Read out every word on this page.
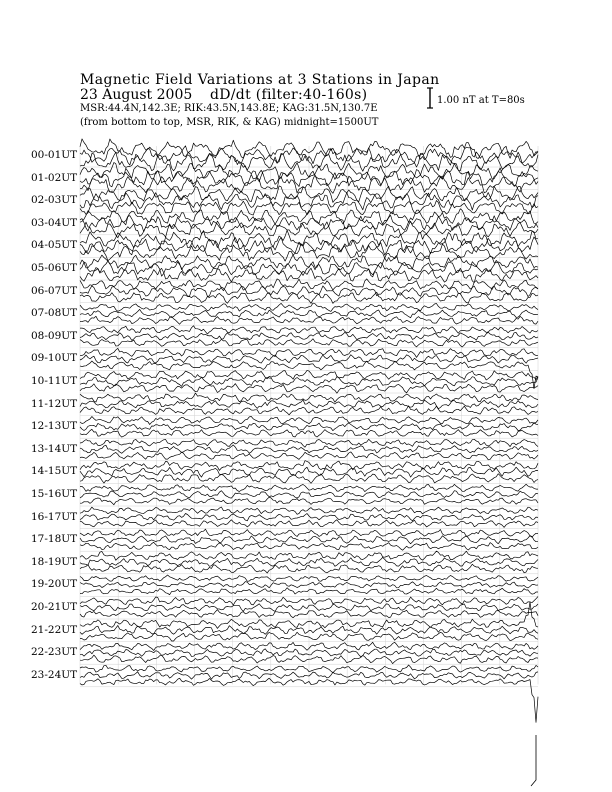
Magnetic Field Variations at 3 Stations in Japan
23 August 2005 dD/dt (filter:40-160s)
MSR:44.4N,142.3E; RIK:43.5N,143.8E; KAG:31.5N,130.7E
(from bottom to top, MSR, RIK, & KAG) midnight=1500UT
1.00 nT at T=80s
00-01UT
01-02UT
02-03UT
03-04UT
04-05UT
05-06UT
06-07UT
07-08UT
08-09UT
09-10UT
10-11UT
11-12UT
12-13UT
13-14UT
14-15UT
15-16UT
16-17UT
17-18UT
18-19UT
19-20UT
20-21UT
21-22UT
22-23UT
23-24UT
